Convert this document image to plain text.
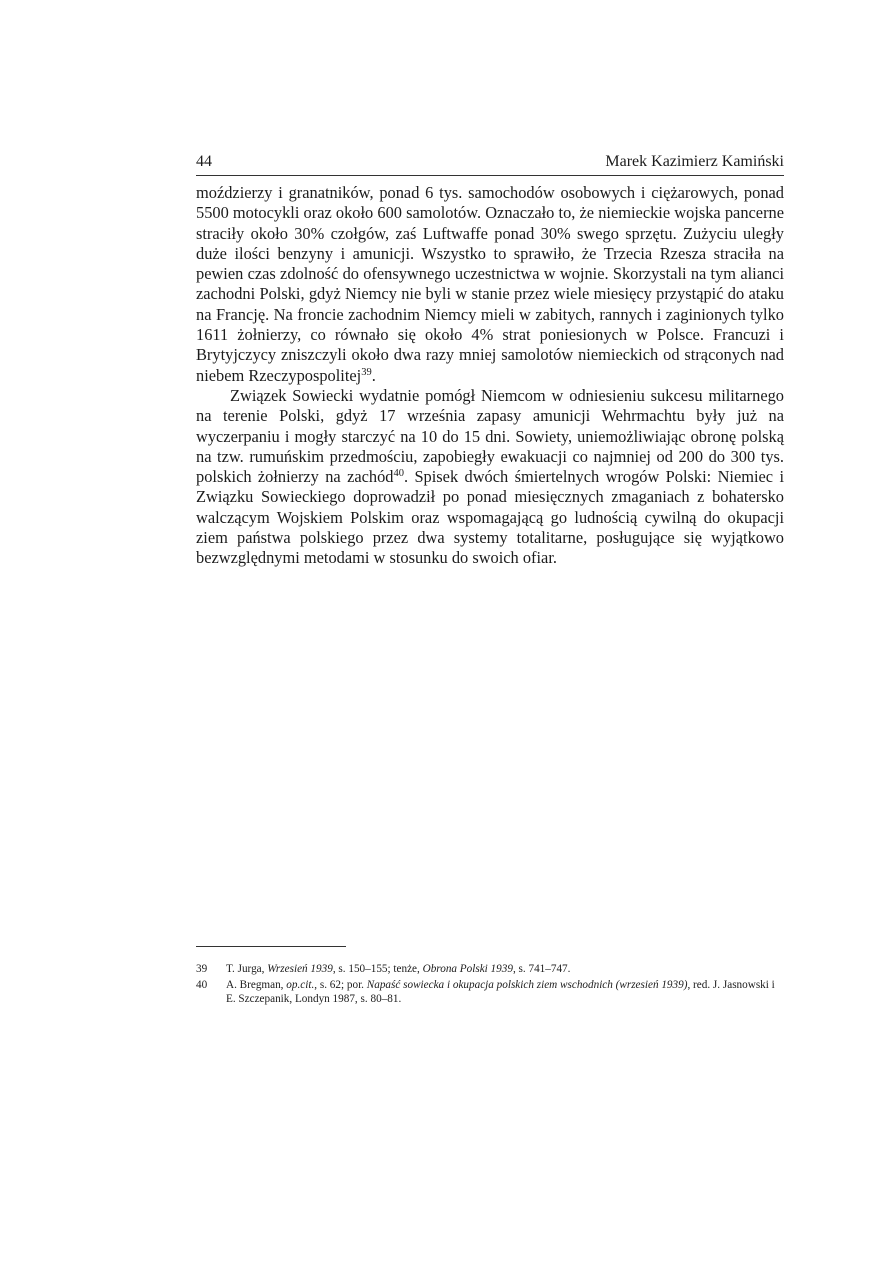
44	Marek Kazimierz Kamiński

moździerzy i granatników, ponad 6 tys. samochodów osobowych i ciężarowych, ponad 5500 motocykli oraz około 600 samolotów. Oznaczało to, że niemieckie wojska pancerne straciły około 30% czołgów, zaś Luftwaffe ponad 30% swego sprzętu. Zużyciu uległy duże ilości benzyny i amunicji. Wszystko to sprawiło, że Trzecia Rzesza straciła na pewien czas zdolność do ofensywnego uczestnictwa w wojnie. Skorzystali na tym alianci zachodni Polski, gdyż Niemcy nie byli w stanie przez wiele miesięcy przystąpić do ataku na Francję. Na froncie zachodnim Niemcy mieli w zabitych, rannych i zaginionych tylko 1611 żołnierzy, co równało się około 4% strat poniesionych w Polsce. Francuzi i Brytyjczycy zniszczyli około dwa razy mniej samolotów niemieckich od strąconych nad niebem Rzeczypospolitej$^{39}$.

Związek Sowiecki wydatnie pomógł Niemcom w odniesieniu sukcesu militarnego na terenie Polski, gdyż 17 września zapasy amunicji Wehrmachtu były już na wyczerpaniu i mogły starczyć na 10 do 15 dni. Sowiety, uniemożliwiając obronę polską na tzw. rumuńskim przedmościu, zapobiegły ewakuacji co najmniej od 200 do 300 tys. polskich żołnierzy na zachód$^{40}$. Spisek dwóch śmiertelnych wrogów Polski: Niemiec i Związku Sowieckiego doprowadził po ponad miesięcznych zmaganiach z bohatersko walczącym Wojskiem Polskim oraz wspomagającą go ludnością cywilną do okupacji ziem państwa polskiego przez dwa systemy totalitarne, posługujące się wyjątkowo bezwzględnymi metodami w stosunku do swoich ofiar.

39	T. Jurga, Wrzesień 1939, s. 150–155; tenże, Obrona Polski 1939, s. 741–747.
40	A. Bregman, op.cit., s. 62; por. Napaść sowiecka i okupacja polskich ziem wschodnich (wrzesień 1939), red. J. Jasnowski i E. Szczepanik, Londyn 1987, s. 80–81.
